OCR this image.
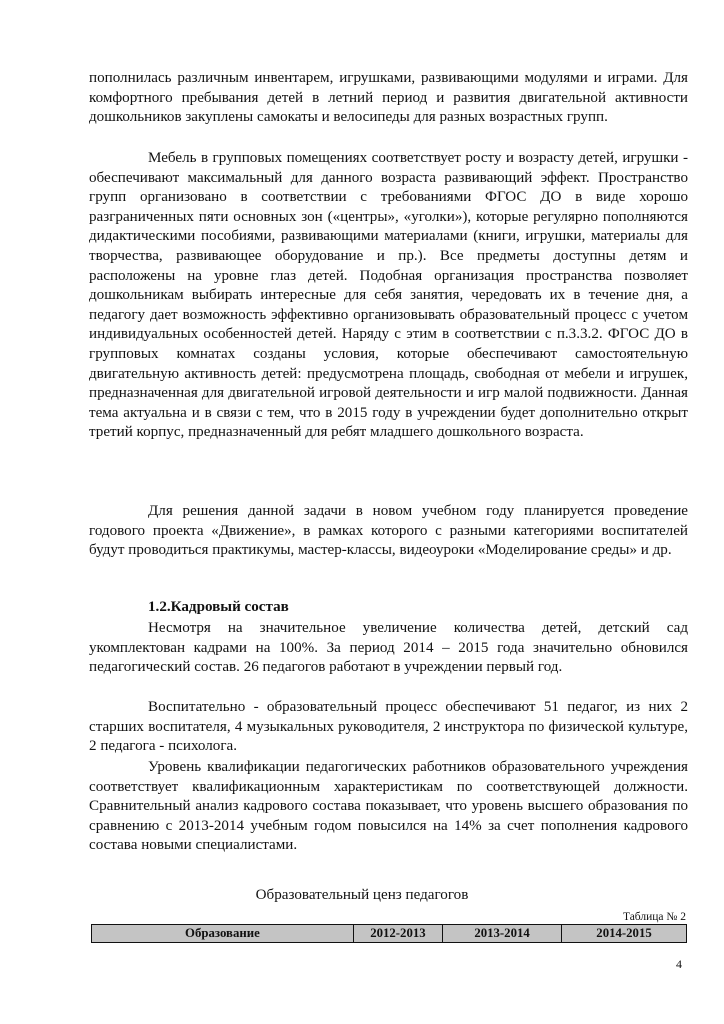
пополнилась различным инвентарем, игрушками, развивающими модулями и играми. Для комфортного пребывания детей в летний период и развития двигательной активности дошкольников закуплены самокаты и велосипеды для разных возрастных групп.

Мебель в групповых помещениях соответствует росту и возрасту детей, игрушки - обеспечивают максимальный для данного возраста развивающий эффект. Пространство групп организовано в соответствии с требованиями ФГОС ДО в виде хорошо разграниченных пяти основных зон («центры», «уголки»), которые регулярно пополняются дидактическими пособиями, развивающими материалами (книги, игрушки, материалы для творчества, развивающее оборудование и пр.). Все предметы доступны детям и расположены на уровне глаз детей. Подобная организация пространства позволяет дошкольникам выбирать интересные для себя занятия, чередовать их в течение дня, а педагогу дает возможность эффективно организовывать образовательный процесс с учетом индивидуальных особенностей детей. Наряду с этим в соответствии с п.3.3.2. ФГОС ДО в групповых комнатах созданы условия, которые обеспечивают самостоятельную двигательную активность детей: предусмотрена площадь, свободная от мебели и игрушек, предназначенная для двигательной игровой деятельности и игр малой подвижности. Данная тема актуальна и в связи с тем, что в 2015 году в учреждении будет дополнительно открыт третий корпус, предназначенный для ребят младшего дошкольного возраста.

Для решения данной задачи в новом учебном году планируется проведение годового проекта «Движение», в рамках которого с разными категориями воспитателей будут проводиться практикумы, мастер-классы, видеоуроки «Моделирование среды» и др.

1.2.Кадровый состав

Несмотря на значительное увеличение количества детей, детский сад укомплектован кадрами на 100%. За период 2014 – 2015 года значительно обновился педагогический состав. 26 педагогов работают в учреждении первый год.

Воспитательно - образовательный процесс обеспечивают 51 педагог, из них 2 старших воспитателя, 4 музыкальных руководителя, 2 инструктора по физической культуре, 2 педагога - психолога.

Уровень квалификации педагогических работников образовательного учреждения соответствует квалификационным характеристикам по соответствующей должности. Сравнительный анализ кадрового состава показывает, что уровень высшего образования по сравнению с 2013-2014 учебным годом повысился на 14% за счет пополнения кадрового состава новыми специалистами.

Образовательный ценз педагогов
Таблица № 2
Образование	2012-2013	2013-2014	2014-2015
4
